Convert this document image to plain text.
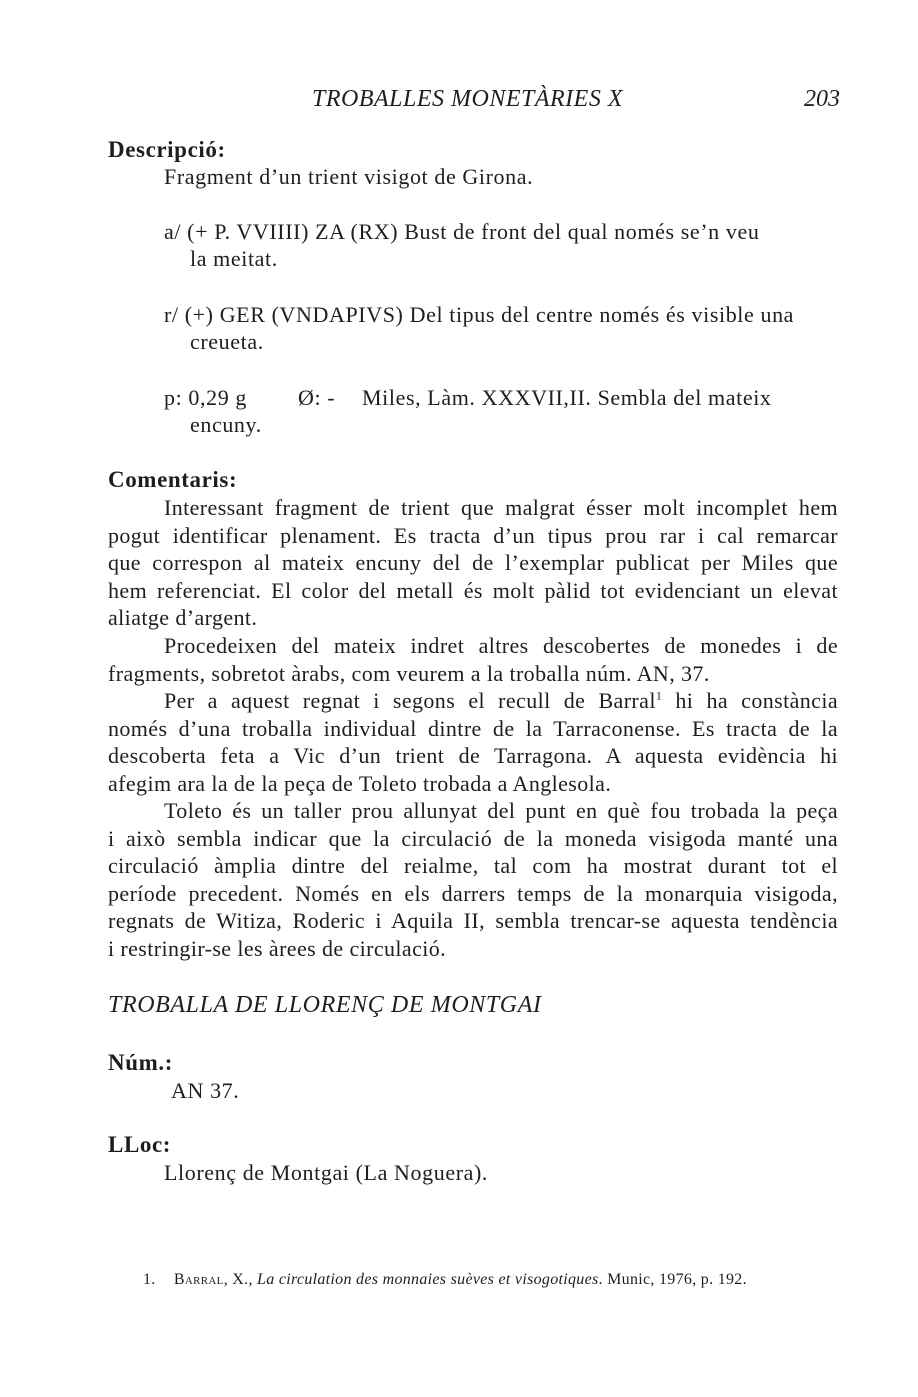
TROBALLES MONETÀRIES X	203
Descripció:
Fragment d’un trient visigot de Girona.
a/ (+ P. VVIIII) ZA (RX) Bust de front del qual només se’n veu
la meitat.
r/ (+) GER (VNDAPIVS) Del tipus del centre només és visible una
creueta.
p: 0,29 g Ø: - Miles, Làm. XXXVII,II. Sembla del mateix
encuny.
Comentaris:
Interessant fragment de trient que malgrat ésser molt incomplet hem
pogut identificar plenament. Es tracta d’un tipus prou rar i cal remarcar
que correspon al mateix encuny del de l’exemplar publicat per Miles que
hem referenciat. El color del metall és molt pàlid tot evidenciant un elevat
aliatge d’argent.
Procedeixen del mateix indret altres descobertes de monedes i de
fragments, sobretot àrabs, com veurem a la troballa núm. AN, 37.
Per a aquest regnat i segons el recull de Barral$^1$ hi ha constància
només d’una troballa individual dintre de la Tarraconense. Es tracta de la
descoberta feta a Vic d’un trient de Tarragona. A aquesta evidència hi
afegim ara la de la peça de Toleto trobada a Anglesola.
Toleto és un taller prou allunyat del punt en què fou trobada la peça
i això sembla indicar que la circulació de la moneda visigoda manté una
circulació àmplia dintre del reialme, tal com ha mostrat durant tot el
període precedent. Només en els darrers temps de la monarquia visigoda,
regnats de Witiza, Roderic i Aquila II, sembla trencar-se aquesta tendència
i restringir-se les àrees de circulació.
TROBALLA DE LLORENÇ DE MONTGAI
Núm.:
AN 37.
LLoc:
Llorenç de Montgai (La Noguera).
1. Barral, X., La circulation des monnaies suèves et visogotiques. Munic, 1976, p. 192.
